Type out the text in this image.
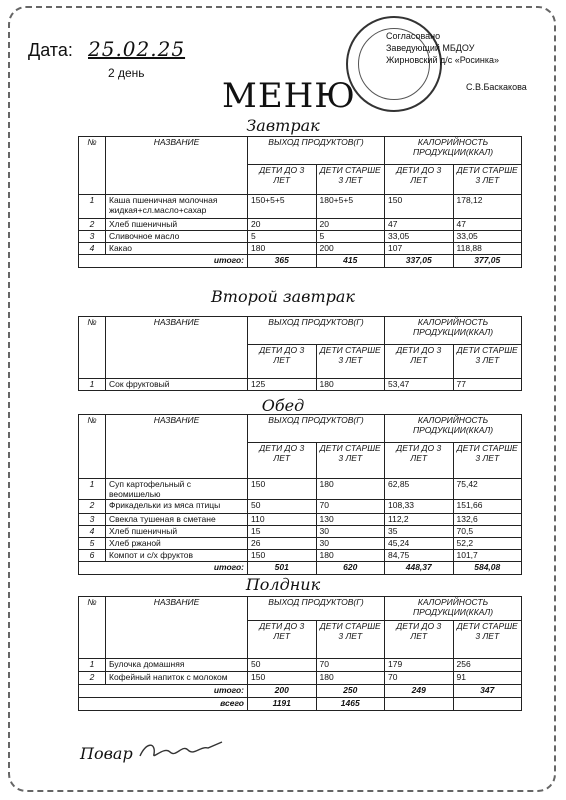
Дата: 25.02.25
2 день
Согласовано
Заведующий МБДОУ
Жирновский д/с «Росинка»
С.В.Баскакова
МЕНЮ
Завтрак
№	НАЗВАНИЕ	ВЫХОД ПРОДУКТОВ(Г)		КАЛОРИЙНОСТЬ ПРОДУКЦИИ(ККАЛ)	
		ДЕТИ ДО 3 ЛЕТ	ДЕТИ СТАРШЕ 3 ЛЕТ	ДЕТИ ДО 3 ЛЕТ	ДЕТИ СТАРШЕ 3 ЛЕТ
1	Каша пшеничная молочная жидкая+сл.масло+сахар	150+5+5	180+5+5	150	178,12
2	Хлеб пшеничный	20	20	47	47
3	Сливочное масло	5	5	33,05	33,05
4	Какао	180	200	107	118,88
итого:		365	415	337,05	377,05
Второй завтрак
№	НАЗВАНИЕ	ВЫХОД ПРОДУКТОВ(Г)		КАЛОРИЙНОСТЬ ПРОДУКЦИИ(ККАЛ)	
		ДЕТИ ДО 3 ЛЕТ	ДЕТИ СТАРШЕ 3 ЛЕТ	ДЕТИ ДО 3 ЛЕТ	ДЕТИ СТАРШЕ 3 ЛЕТ
1	Сок фруктовый	125	180	53,47	77
Обед
№	НАЗВАНИЕ	ВЫХОД ПРОДУКТОВ(Г)		КАЛОРИЙНОСТЬ ПРОДУКЦИИ(ККАЛ)	
		ДЕТИ ДО 3 ЛЕТ	ДЕТИ СТАРШЕ 3 ЛЕТ	ДЕТИ ДО 3 ЛЕТ	ДЕТИ СТАРШЕ 3 ЛЕТ
1	Суп картофельный с веомишелью	150	180	62,85	75,42
2	Фрикадельки из мяса птицы	50	70	108,33	151,66
3	Свекла тушеная в сметане	110	130	112,2	132,6
4	Хлеб пшеничный	15	30	35	70,5
5	Хлеб ржаной	26	30	45,24	52,2
6	Компот и с/х фруктов	150	180	84,75	101,7
итого:		501	620	448,37	584,08
Полдник
№	НАЗВАНИЕ	ВЫХОД ПРОДУКТОВ(Г)		КАЛОРИЙНОСТЬ ПРОДУКЦИИ(ККАЛ)	
		ДЕТИ ДО 3 ЛЕТ	ДЕТИ СТАРШЕ 3 ЛЕТ	ДЕТИ ДО 3 ЛЕТ	ДЕТИ СТАРШЕ 3 ЛЕТ
1	Булочка домашняя	50	70	179	256
2	Кофейный напиток с молоком	150	180	70	91
итого:		200	250	249	347
всего		1191	1465		
Повар
